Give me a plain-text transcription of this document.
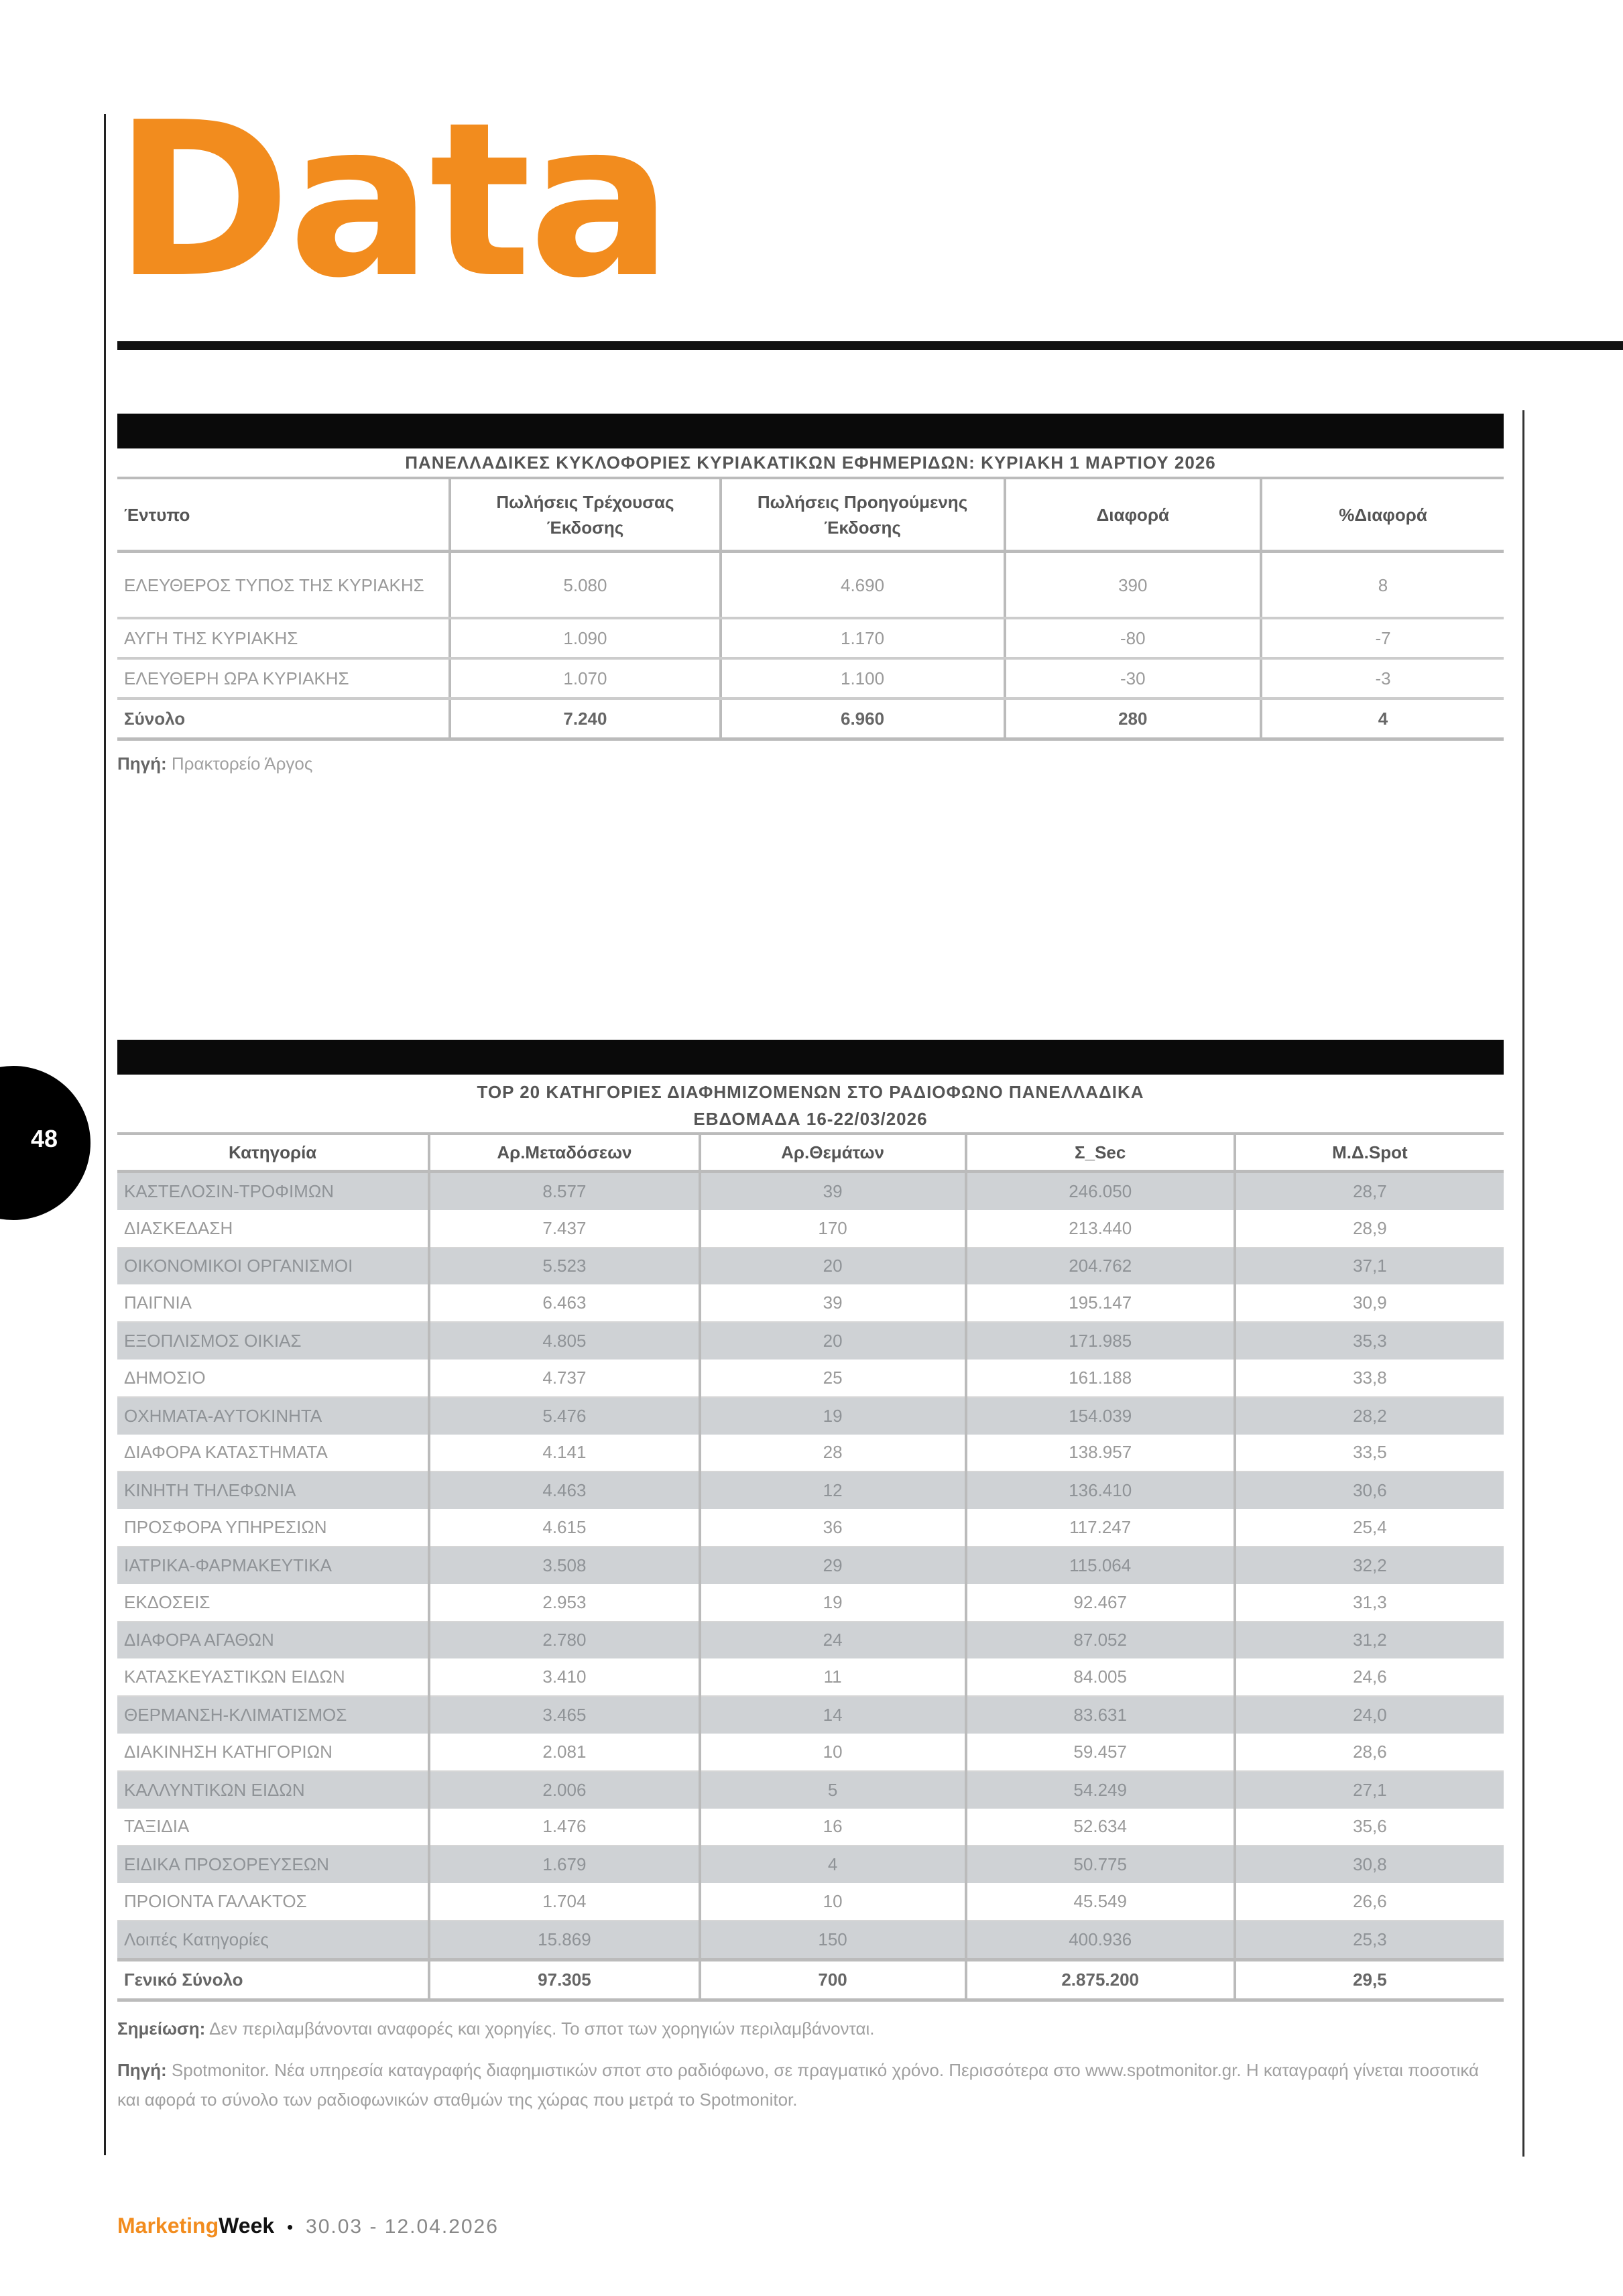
Data
ΠΑΝΕΛΛΑΔΙΚΕΣ ΚΥΚΛΟΦΟΡΙΕΣ ΚΥΡΙΑΚΑΤΙΚΩΝ ΕΦΗΜΕΡΙΔΩΝ: ΚΥΡΙΑΚΗ 1 ΜΑΡΤΙΟΥ 2026
Έντυπο	Πωλήσεις Τρέχουσας Έκδοσης	Πωλήσεις Προηγούμενης Έκδοσης	Διαφορά	%Διαφορά
ΕΛΕΥΘΕΡΟΣ ΤΥΠΟΣ ΤΗΣ ΚΥΡΙΑΚΗΣ	5.080	4.690	390	8
ΑΥΓΗ ΤΗΣ ΚΥΡΙΑΚΗΣ	1.090	1.170	-80	-7
ΕΛΕΥΘΕΡΗ ΩΡΑ ΚΥΡΙΑΚΗΣ	1.070	1.100	-30	-3
Σύνολο	7.240	6.960	280	4
Πηγή: Πρακτορείο Άργος
TOP 20 ΚΑΤΗΓΟΡΙΕΣ ΔΙΑΦΗΜΙΖΟΜΕΝΩΝ ΣΤΟ ΡΑΔΙΟΦΩΝΟ ΠΑΝΕΛΛΑΔΙΚΑ
ΕΒΔΟΜΑΔΑ 16-22/03/2026
Κατηγορία	Αρ.Μεταδόσεων	Αρ.Θεμάτων	Σ_Sec	Μ.Δ.Spot
ΚΑΣΤΕΛΟΣΙΝ-ΤΡΟΦΙΜΩΝ	8.577	39	246.050	28,7
ΔΙΑΣΚΕΔΑΣΗ	7.437	170	213.440	28,9
ΟΙΚΟΝΟΜΙΚΟΙ ΟΡΓΑΝΙΣΜΟΙ	5.523	20	204.762	37,1
ΠΑΙΓΝΙΑ	6.463	39	195.147	30,9
ΕΞΟΠΛΙΣΜΟΣ ΟΙΚΙΑΣ	4.805	20	171.985	35,3
ΔΗΜΟΣΙΟ	4.737	25	161.188	33,8
ΟΧΗΜΑΤΑ-ΑΥΤΟΚΙΝΗΤΑ	5.476	19	154.039	28,2
ΔΙΑΦΟΡΑ ΚΑΤΑΣΤΗΜΑΤΑ	4.141	28	138.957	33,5
ΚΙΝΗΤΗ ΤΗΛΕΦΩΝΙΑ	4.463	12	136.410	30,6
ΠΡΟΣΦΟΡΑ ΥΠΗΡΕΣΙΩΝ	4.615	36	117.247	25,4
ΙΑΤΡΙΚΑ-ΦΑΡΜΑΚΕΥΤΙΚΑ	3.508	29	115.064	32,2
ΕΚΔΟΣΕΙΣ	2.953	19	92.467	31,3
ΔΙΑΦΟΡΑ ΑΓΑΘΩΝ	2.780	24	87.052	31,2
ΚΑΤΑΣΚΕΥΑΣΤΙΚΩΝ ΕΙΔΩΝ	3.410	11	84.005	24,6
ΘΕΡΜΑΝΣΗ-ΚΛΙΜΑΤΙΣΜΟΣ	3.465	14	83.631	24,0
ΔΙΑΚΙΝΗΣΗ ΚΑΤΗΓΟΡΙΩΝ	2.081	10	59.457	28,6
ΚΑΛΛΥΝΤΙΚΩΝ ΕΙΔΩΝ	2.006	5	54.249	27,1
ΤΑΞΙΔΙΑ	1.476	16	52.634	35,6
ΕΙΔΙΚΑ ΠΡΟΣΟΡΕΥΣΕΩΝ	1.679	4	50.775	30,8
ΠΡΟΙΟΝΤΑ ΓΑΛΑΚΤΟΣ	1.704	10	45.549	26,6
Λοιπές Κατηγορίες	15.869	150	400.936	25,3
Γενικό Σύνολο	97.305	700	2.875.200	29,5
Σημείωση: Δεν περιλαμβάνονται αναφορές και χορηγίες. Το σποτ των χορηγιών περιλαμβάνονται.
Πηγή: Spotmonitor. Νέα υπηρεσία καταγραφής διαφημιστικών σποτ στο ραδιόφωνο, σε πραγματικό χρόνο. Περισσότερα στο www.spotmonitor.gr. Η καταγραφή γίνεται ποσοτικά και αφορά το σύνολο των ραδιοφωνικών σταθμών της χώρας που μετρά το Spotmonitor.
48
MarketingWeek • 30.03 - 12.04.2026
